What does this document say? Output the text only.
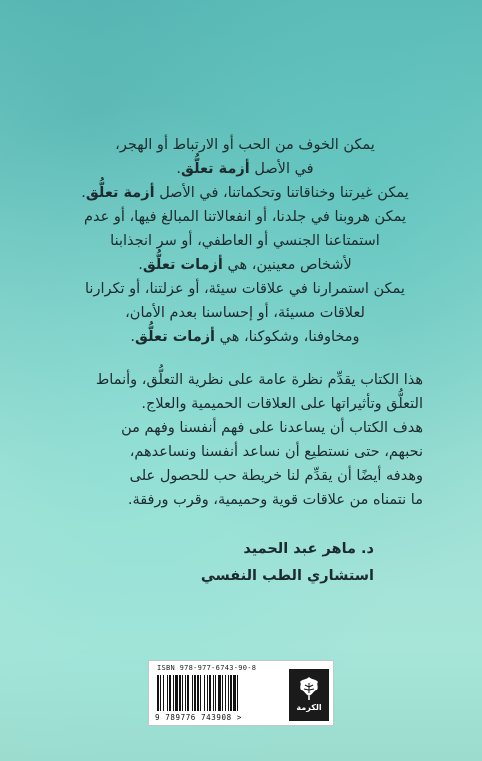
يمكن الخوف من الحب أو الارتباط أو الهجر،
في الأصل أزمة تعلُّق.
يمكن غيرتنا وخناقاتنا وتحكماتنا، في الأصل أزمة تعلُّق.
يمكن هروبنا في جلدنا، أو انفعالاتنا المبالغ فيها، أو عدم
استمتاعنا الجنسي أو العاطفي، أو سر انجذابنا
لأشخاص معينين، هي أزمات تعلُّق.
يمكن استمرارنا في علاقات سيئة، أو عزلتنا، أو تكرارنا
لعلاقات مسيئة، أو إحساسنا بعدم الأمان،
ومخاوفنا، وشكوكنا، هي أزمات تعلُّق.
هذا الكتاب يقدِّم نظرة عامة على نظرية التعلُّق، وأنماط
التعلُّق وتأثيراتها على العلاقات الحميمية والعلاج.
هدف الكتاب أن يساعدنا على فهم أنفسنا وفهم من
نحبهم، حتى نستطيع أن نساعد أنفسنا ونساعدهم،
وهدفه أيضًا أن يقدِّم لنا خريطة حب للحصول على
ما نتمناه من علاقات قوية وحميمية، وقرب ورفقة.
د. ماهر عبد الحميد
استشاري الطب النفسي
ISBN 978-977-6743-90-8
9 789776 743908 >
الكرمة
